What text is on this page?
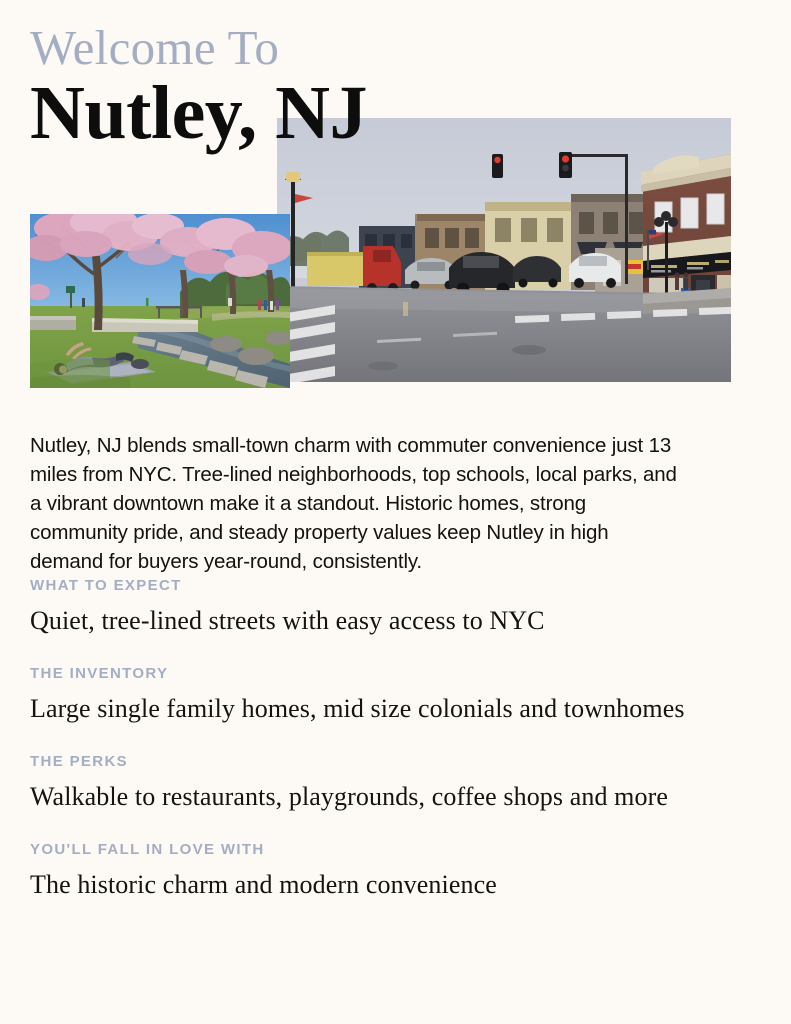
Welcome To
Nutley, NJ

Nutley, NJ blends small-town charm with commuter convenience just 13 miles from NYC. Tree-lined neighborhoods, top schools, local parks, and a vibrant downtown make it a standout. Historic homes, strong community pride, and steady property values keep Nutley in high demand for buyers year-round, consistently.

WHAT TO EXPECT
Quiet, tree-lined streets with easy access to NYC
THE INVENTORY
Large single family homes, mid size colonials and townhomes
THE PERKS
Walkable to restaurants, playgrounds, coffee shops and more
YOU'LL FALL IN LOVE WITH
The historic charm and modern convenience
